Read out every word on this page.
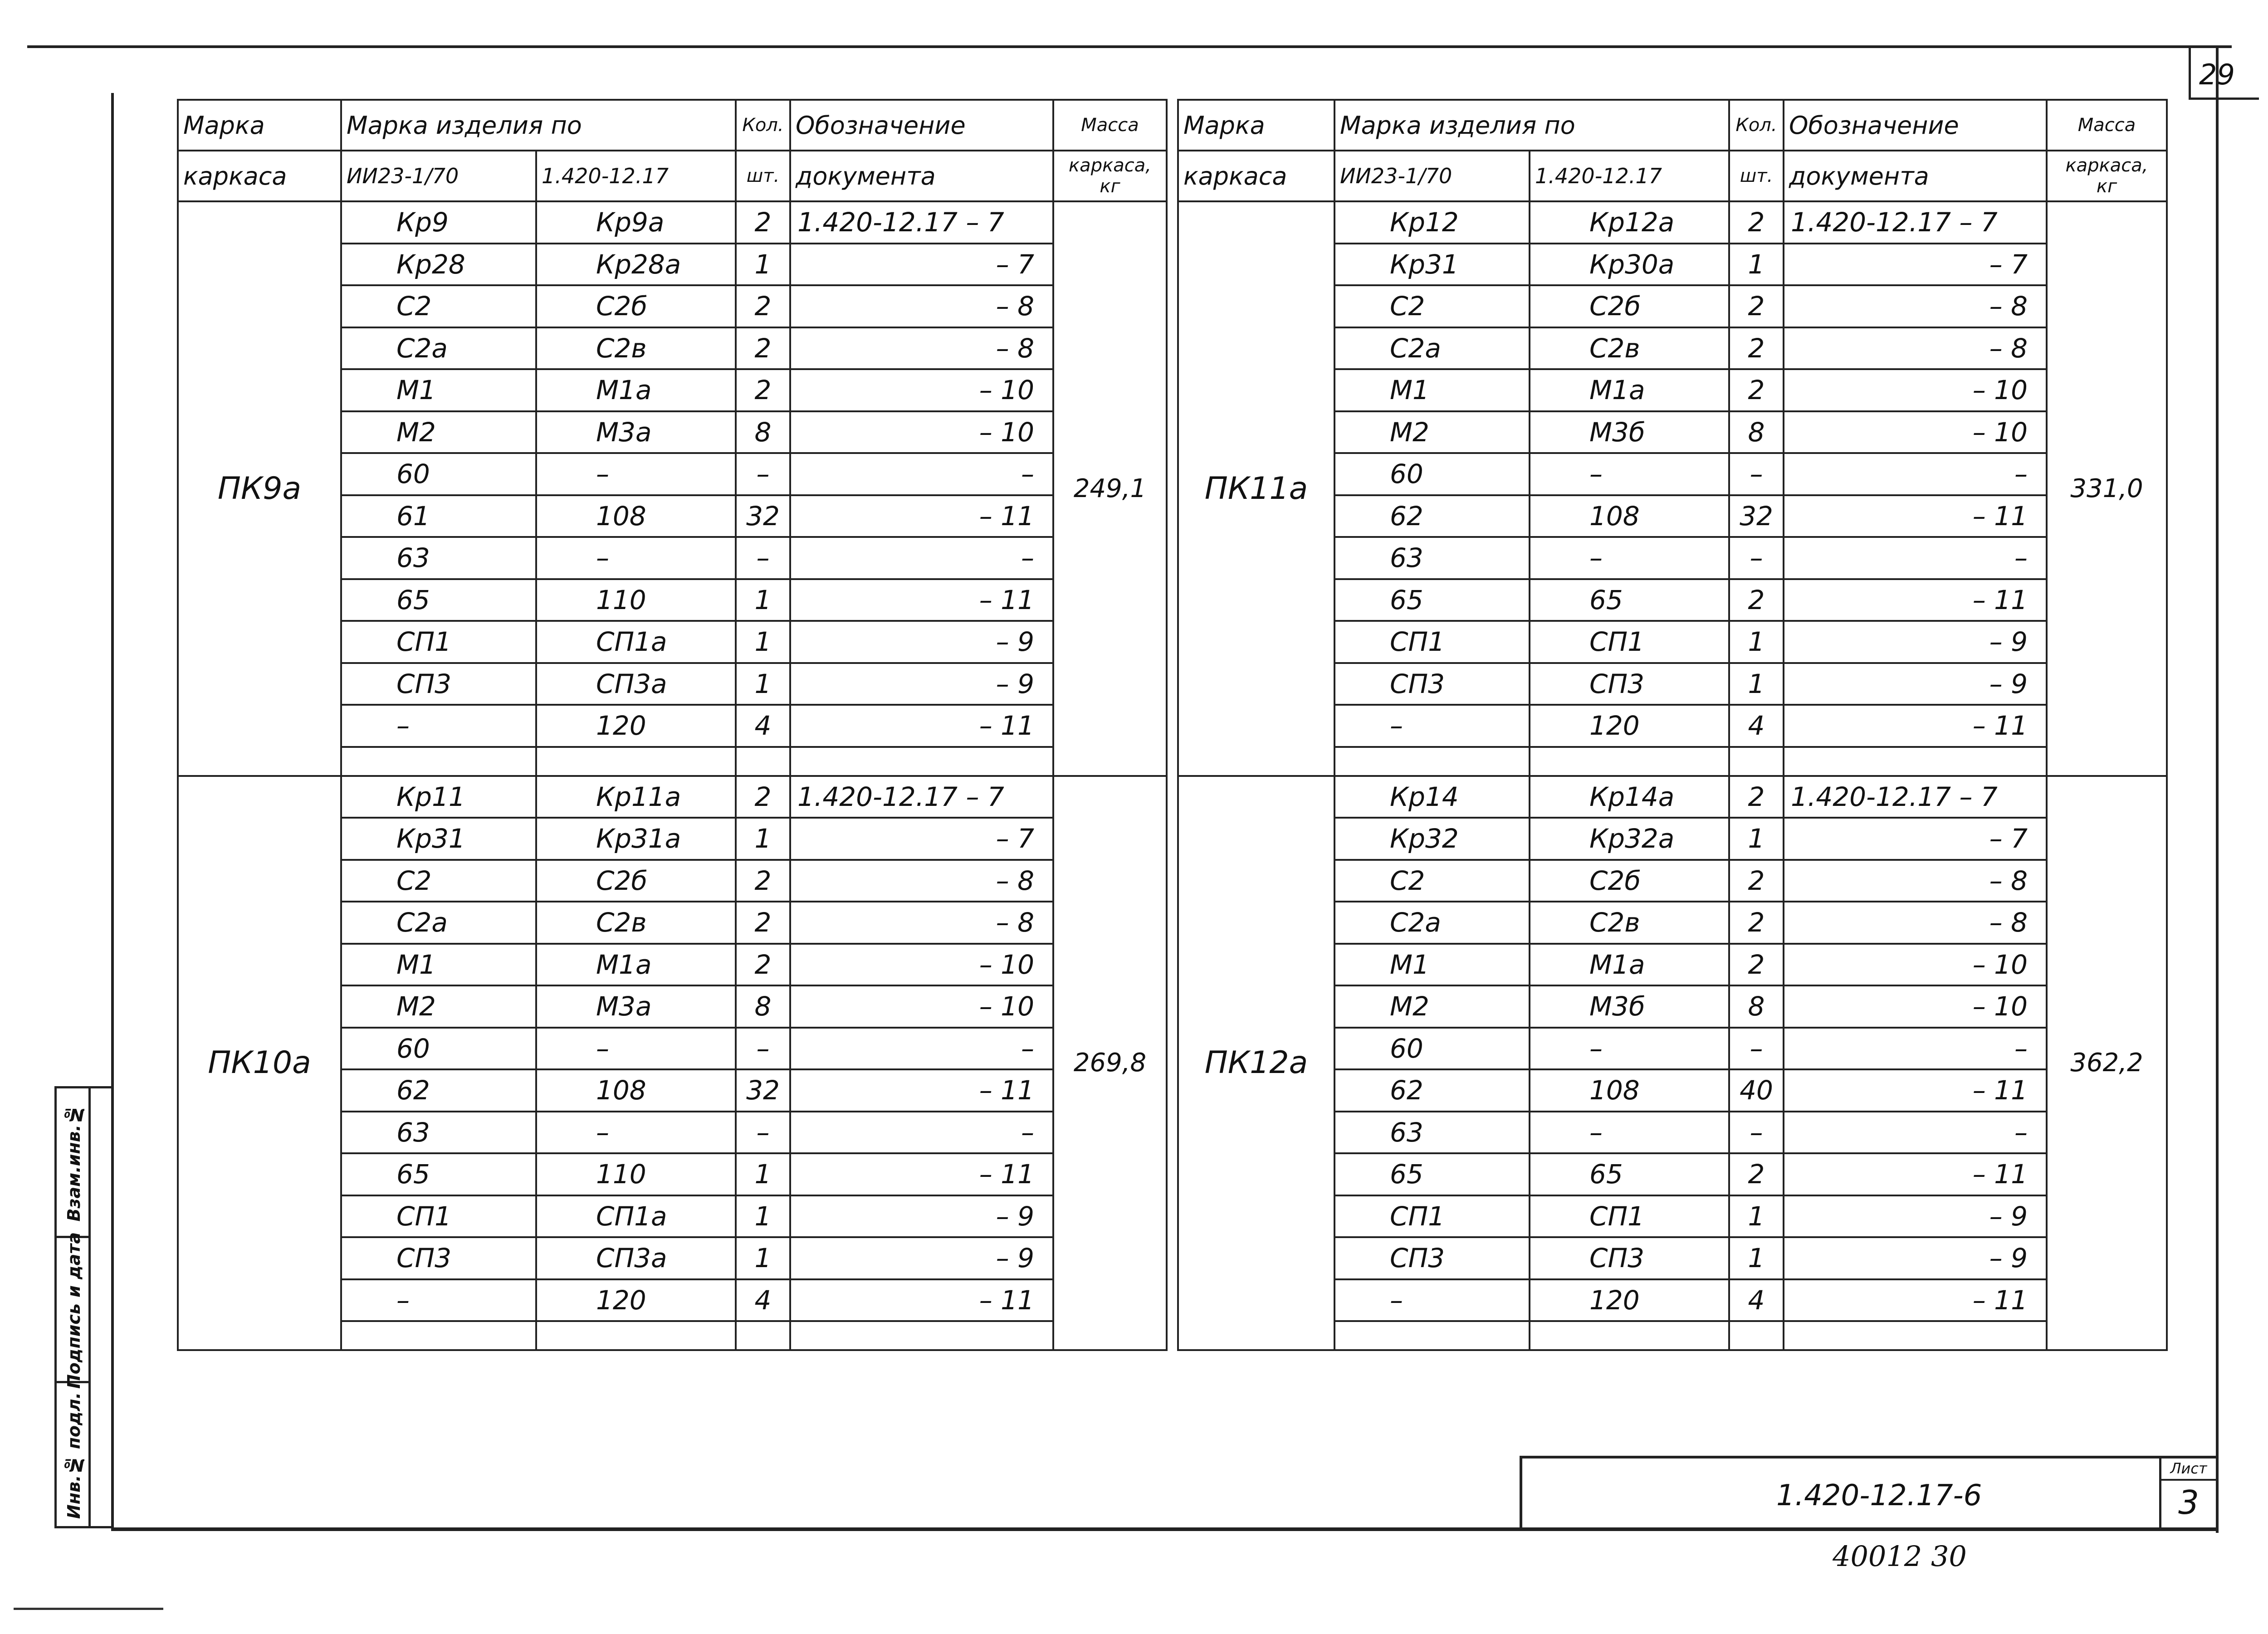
29
Взам.инв.№
Подпись и дата
Инв.№ подл.
Марка	Марка изделия по		Кол.	Обозначение	Масса
каркаса	ИИ23-1/70	1.420-12.17	шт.	документа	каркаса,
кг
ПК9а	Кр9	Кр9а	2	1.420-12.17 – 7	249,1
	Кр28	Кр28а	1	– 7	
	С2	С2б	2	– 8	
	С2а	С2в	2	– 8	
	М1	М1а	2	– 10	
	М2	М3а	8	– 10	
	60	–	–	–	
	61	108	32	– 11	
	63	–	–	–	
	65	110	1	– 11	
	СП1	СП1а	1	– 9	
	СП3	СП3а	1	– 9	
	–	120	4	– 11	

ПК10а	Кр11	Кр11а	2	1.420-12.17 – 7	269,8
	Кр31	Кр31а	1	– 7	
	С2	С2б	2	– 8	
	С2а	С2в	2	– 8	
	М1	М1а	2	– 10	
	М2	М3а	8	– 10	
	60	–	–	–	
	62	108	32	– 11	
	63	–	–	–	
	65	110	1	– 11	
	СП1	СП1а	1	– 9	
	СП3	СП3а	1	– 9	
	–	120	4	– 11	

Марка	Марка изделия по		Кол.	Обозначение	Масса
каркаса	ИИ23-1/70	1.420-12.17	шт.	документа	каркаса,
кг
ПК11а	Кр12	Кр12а	2	1.420-12.17 – 7	331,0
	Кр31	Кр30а	1	– 7	
	С2	С2б	2	– 8	
	С2а	С2в	2	– 8	
	М1	М1а	2	– 10	
	М2	М3б	8	– 10	
	60	–	–	–	
	62	108	32	– 11	
	63	–	–	–	
	65	65	2	– 11	
	СП1	СП1	1	– 9	
	СП3	СП3	1	– 9	
	–	120	4	– 11	

ПК12а	Кр14	Кр14а	2	1.420-12.17 – 7	362,2
	Кр32	Кр32а	1	– 7	
	С2	С2б	2	– 8	
	С2а	С2в	2	– 8	
	М1	М1а	2	– 10	
	М2	М3б	8	– 10	
	60	–	–	–	
	62	108	40	– 11	
	63	–	–	–	
	65	65	2	– 11	
	СП1	СП1	1	– 9	
	СП3	СП3	1	– 9	
	–	120	4	– 11	

1.420-12.17-6
Лист
3
40012 30
